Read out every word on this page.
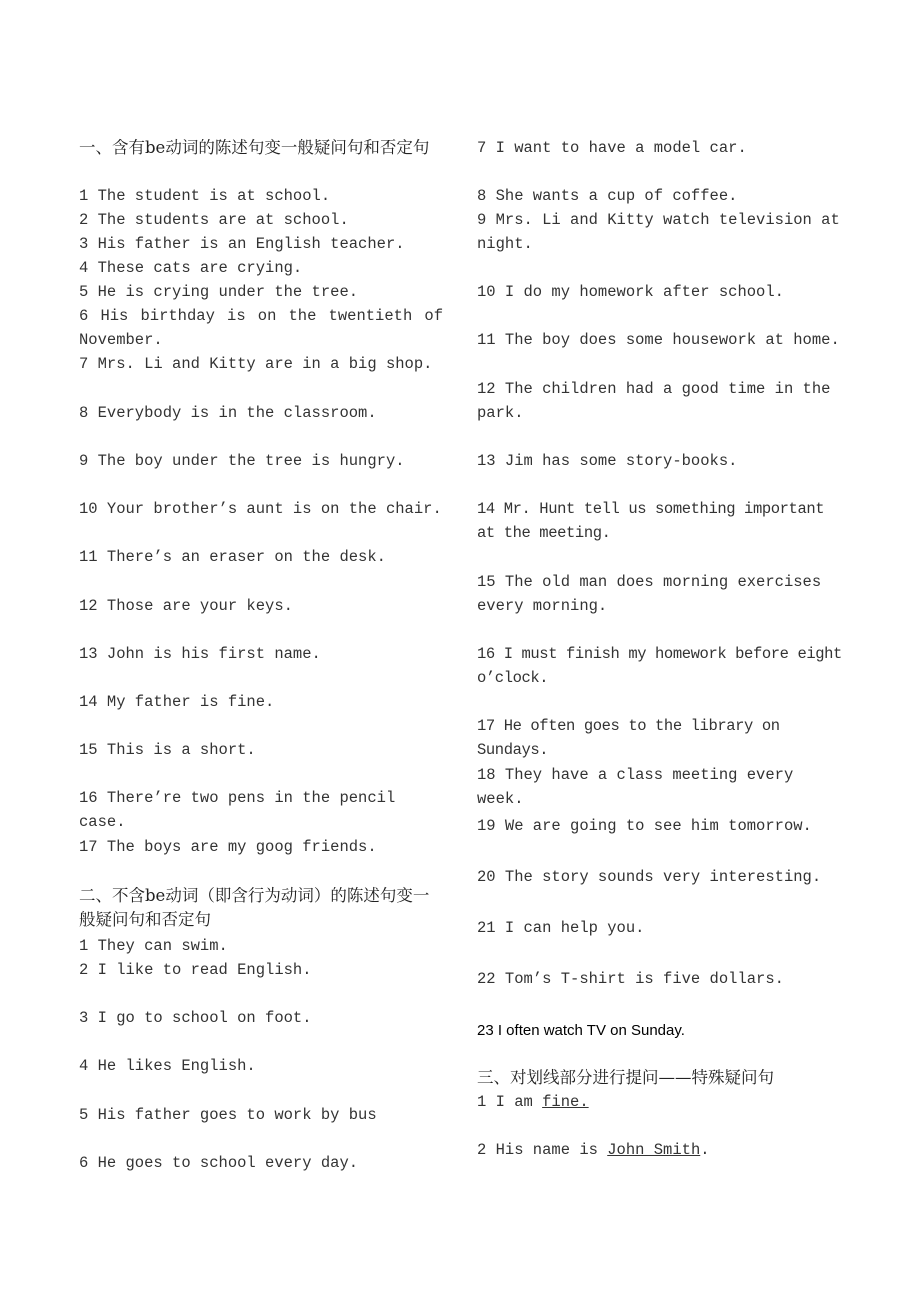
一、含有be动词的陈述句变一般疑问句和否定句
1 The student is at school.
2 The students are at school.
3 His father is an English teacher.
4 These cats are crying.
5 He is crying under the tree.
6 His birthday is on the twentieth of November.
7 Mrs. Li and Kitty are in a big shop.
8 Everybody is in the classroom.
9 The boy under the tree is hungry.
10 Your brother’s aunt is on the chair.
11 There’s an eraser on the desk.
12 Those are your keys.
13 John is his first name.
14 My father is fine.
15 This is a short.
16 There’re two pens in the pencil case.
17 The boys are my goog friends.
二、不含be动词（即含行为动词）的陈述句变一般疑问句和否定句
1 They can swim.
2 I like to read English.
3 I go to school on foot.
4 He likes English.
5 His father goes to work by bus
6 He goes to school every day.
7 I want to have a model car.
8 She wants a cup of coffee.
9 Mrs. Li and Kitty watch television at night.
10 I do my homework after school.
11 The boy does some housework at home.
12 The children had a good time in the park.
13 Jim has some story-books.
14 Mr. Hunt tell us something important at the meeting.
15 The old man does morning exercises every morning.
16 I must finish my homework before eight o’clock.
17 He often goes to the library on Sundays.
18 They have a class meeting every week.
19 We are going to see him tomorrow.
20 The story sounds very interesting.
21 I can help you.
22 Tom’s T-shirt is five dollars.
23 I often watch TV on Sunday.
三、对划线部分进行提问——特殊疑问句
1 I am fine.
2 His name is John Smith.
